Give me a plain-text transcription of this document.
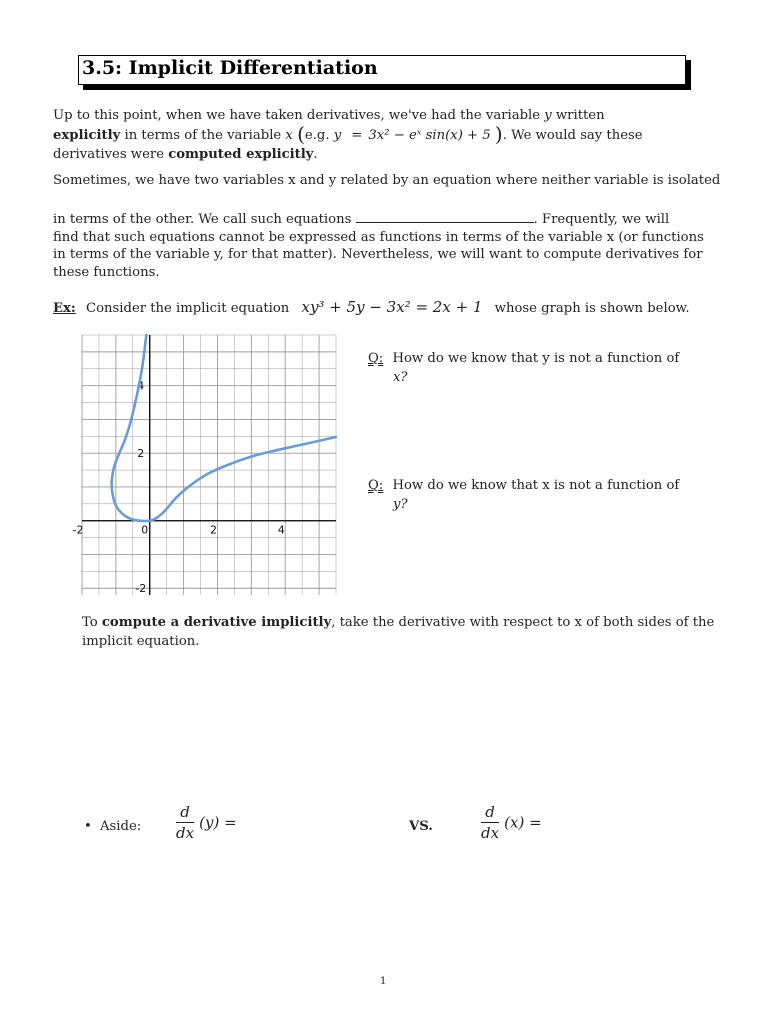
3.5: Implicit Differentiation
Up to this point, when we have taken derivatives, we've had the variable y written
explicitly in terms of the variable x (e.g. y = 3x² − eˣ sin(x) + 5 ). We would say these
derivatives were computed explicitly.
Sometimes, we have two variables x and y related by an equation where neither variable is isolated
in terms of the other. We call such equations	. Frequently, we will
find that such equations cannot be expressed as functions in terms of the variable x (or functions
in terms of the variable y, for that matter). Nevertheless, we will want to compute derivatives for
these functions.
Ex: Consider the implicit equation xy³ + 5y − 3x² = 2x + 1 whose graph is shown below.
-2	0	2	4
4
2
-2
Q: How do we know that y is not a function of
x?
Q: How do we know that x is not a function of
y?
To compute a derivative implicitly, take the derivative with respect to x of both sides of the
implicit equation.
• Aside: $\frac{d}{dx} (y)$ =	VS.	$\frac{d}{dx} (x)$ =
1
